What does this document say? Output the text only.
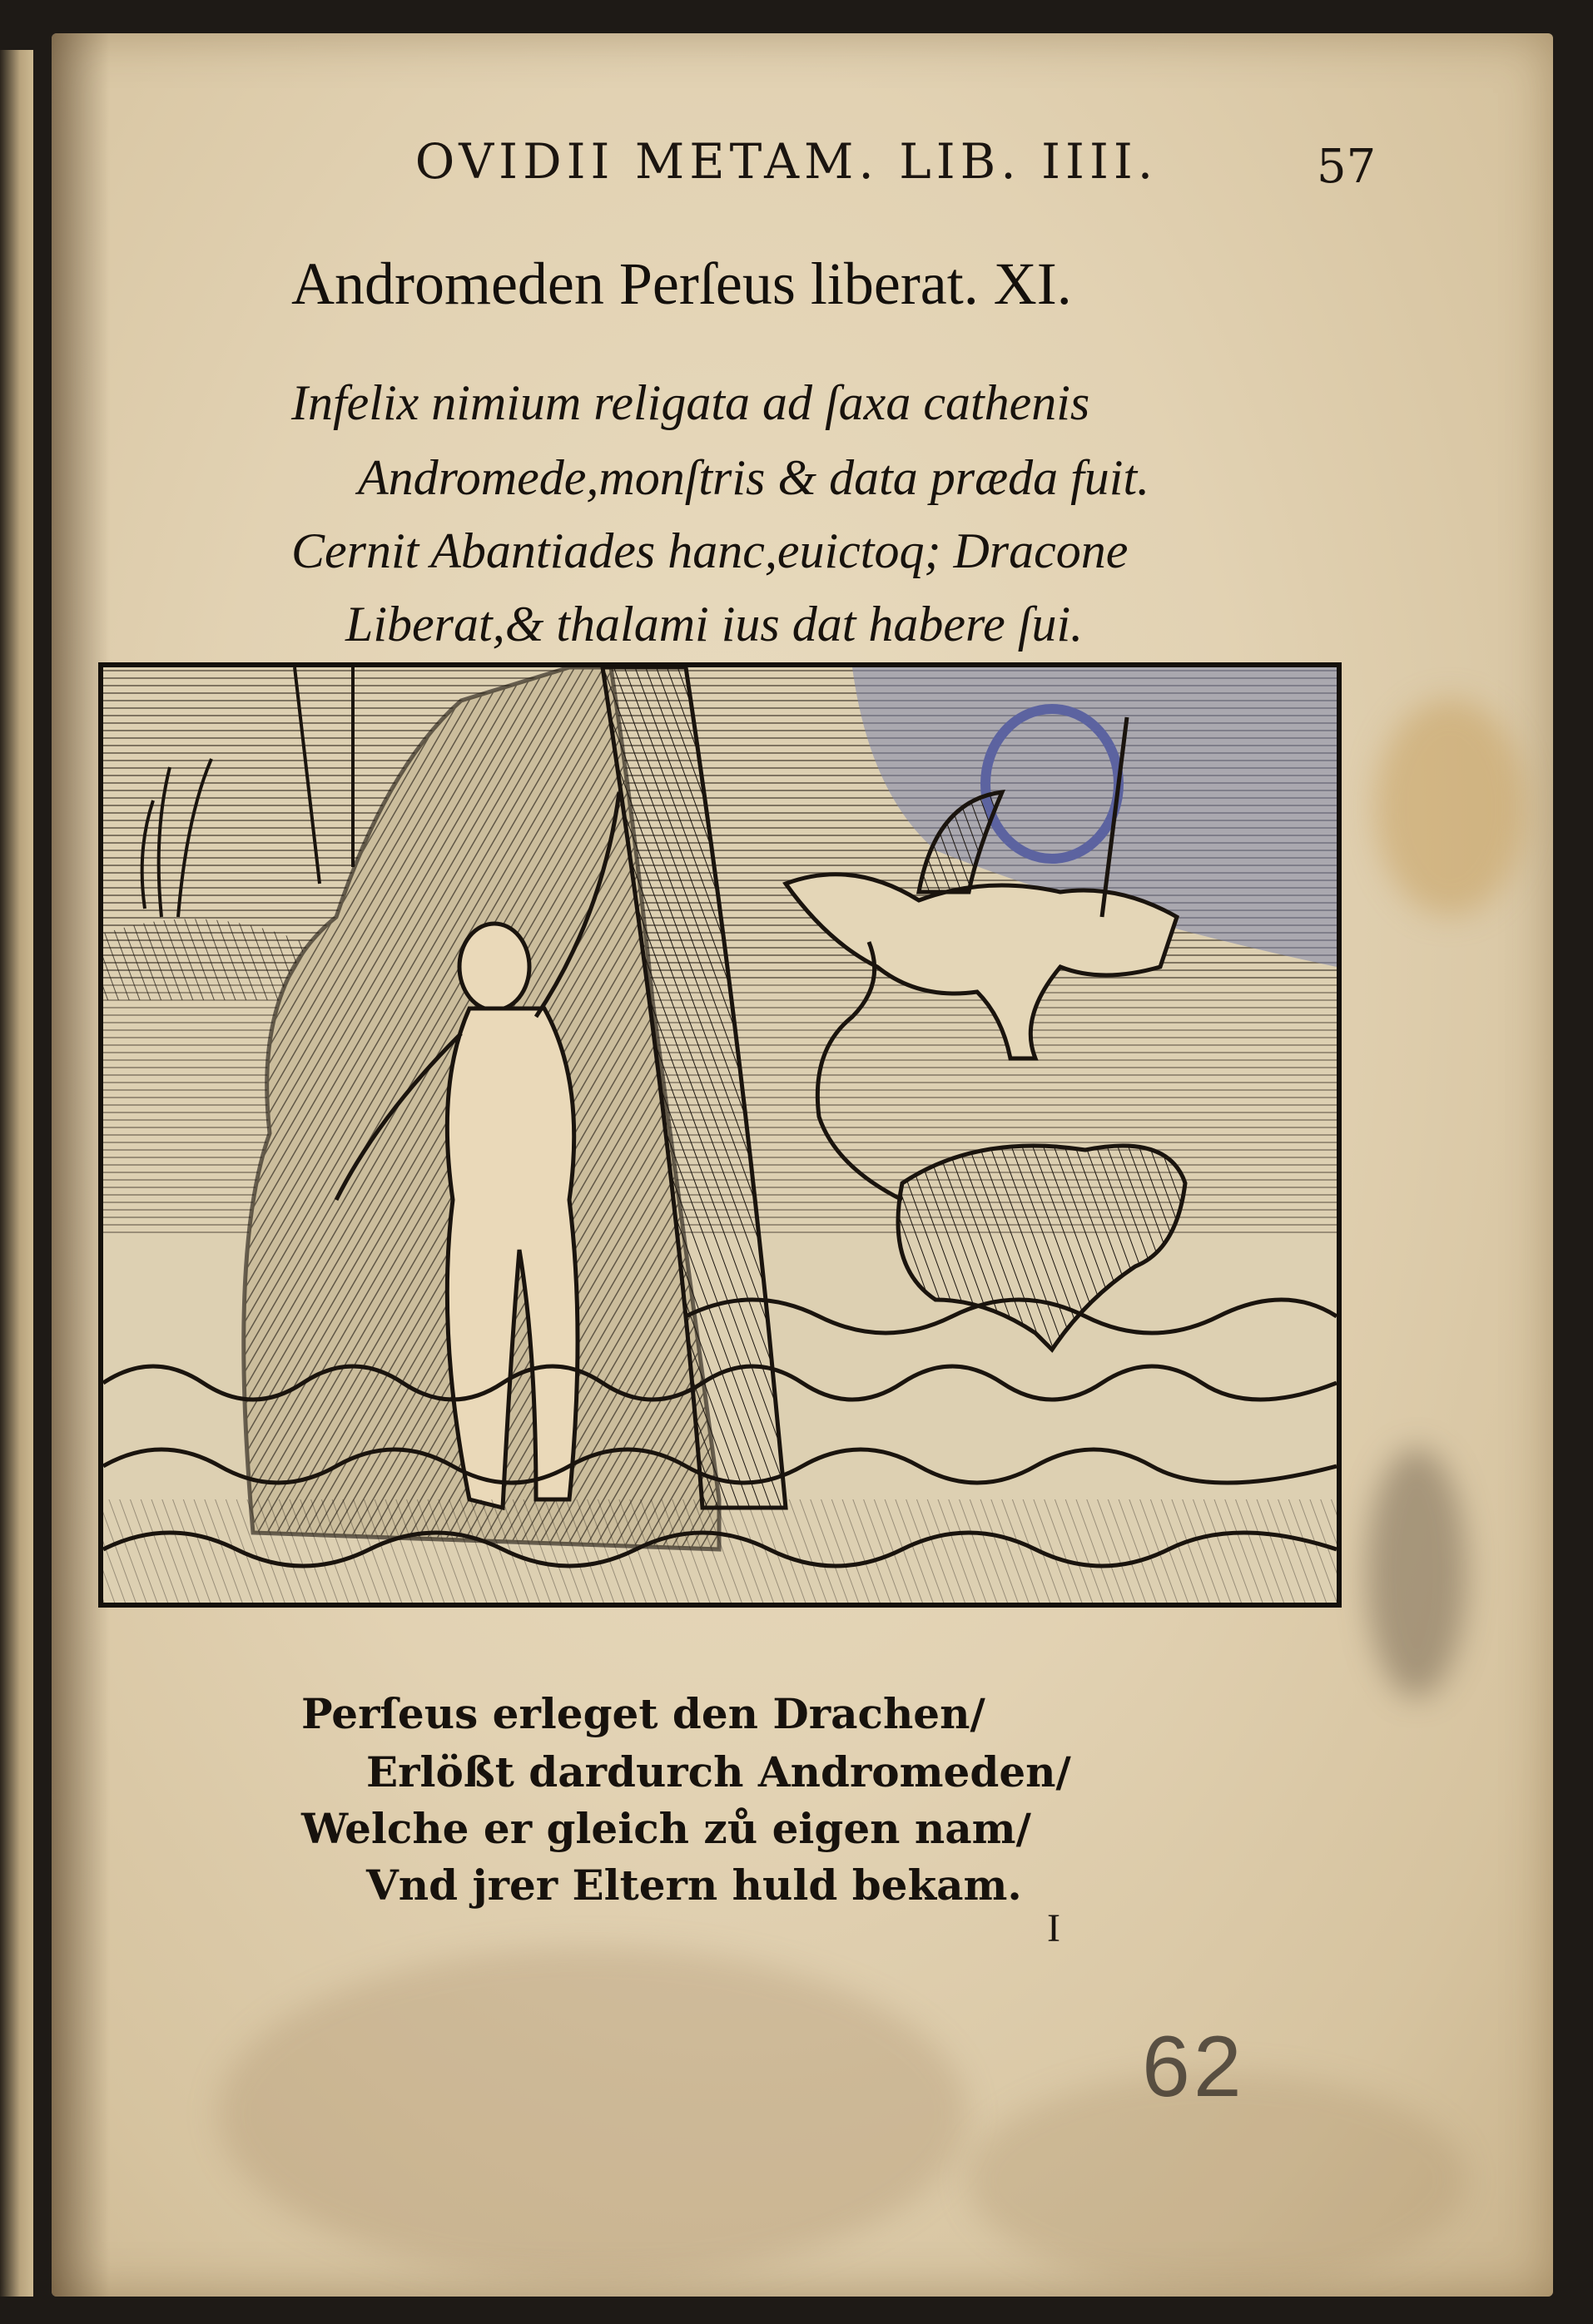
OVIDII METAM. LIB. IIII.	57
Andromeden Perſeus liberat. XI.
Infelix nimium religata ad ſaxa cathenis
Andromede,monſtris & data præda fuit.
Cernit Abantiades hanc,euictoq; Dracone
Liberat,& thalami ius dat habere ſui.
Perſeus erleget den Drachen/
Erlößt dardurch Andromeden/
Welche er gleich zů eigen nam/
Vnd jrer Eltern huld bekam.
I
62
